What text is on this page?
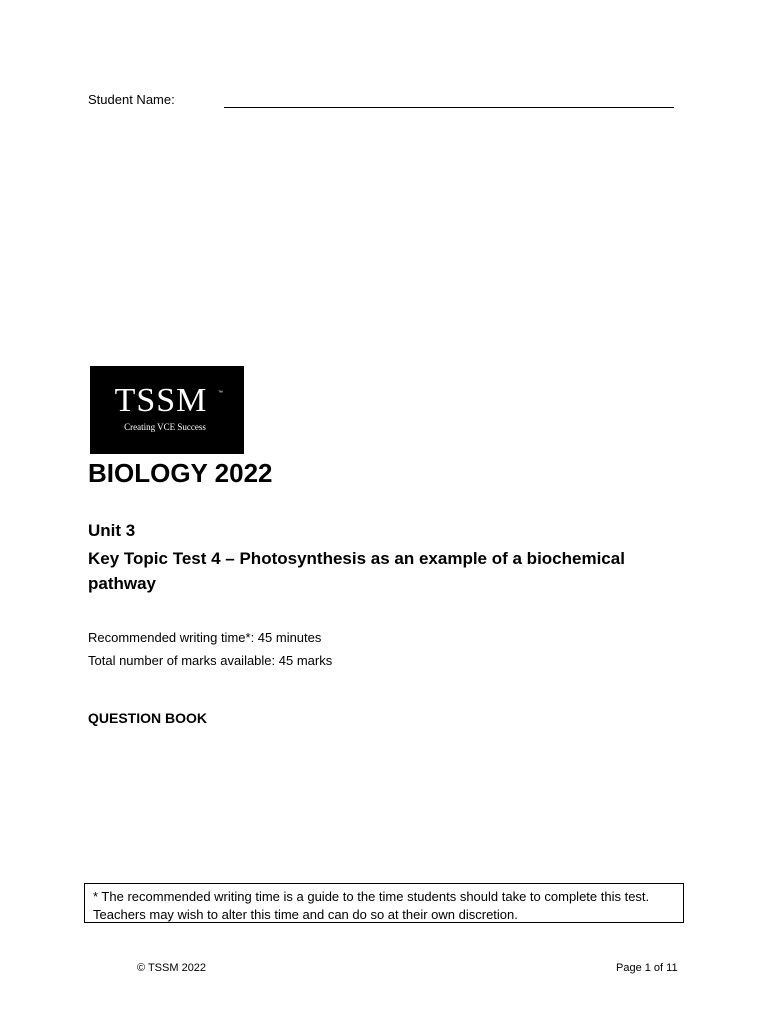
Student Name:
TSSM	™
Creating VCE Success
BIOLOGY 2022
Unit 3
Key Topic Test 4 – Photosynthesis as an example of a biochemical pathway
Recommended writing time*: 45 minutes
Total number of marks available: 45 marks
QUESTION BOOK
* The recommended writing time is a guide to the time students should take to complete this test. Teachers may wish to alter this time and can do so at their own discretion.
© TSSM 2022	Page 1 of 11
